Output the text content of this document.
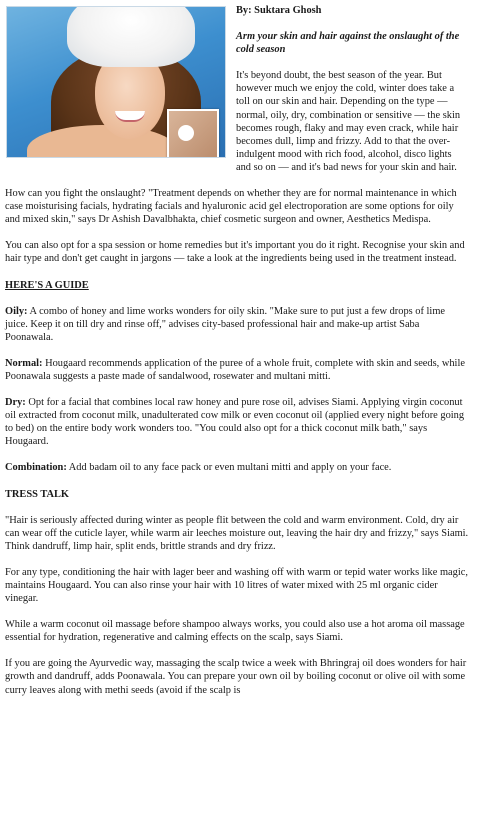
By: Suktara Ghosh
Arm your skin and hair against the onslaught of the cold season

It's beyond doubt, the best season of the year. But however much we enjoy the cold, winter does take a toll on our skin and hair. Depending on the type — normal, oily, dry, combination or sensitive — the skin becomes rough, flaky and may even crack, while hair becomes dull, limp and frizzy. Add to that the over-indulgent mood with rich food, alcohol, disco lights and so on — and it's bad news for your skin and hair.

How can you fight the onslaught? "Treatment depends on whether they are for normal maintenance in which case moisturising facials, hydrating facials and hyaluronic acid gel electroporation are some options for oily and mixed skin," says Dr Ashish Davalbhakta, chief cosmetic surgeon and owner, Aesthetics Medispa.

You can also opt for a spa session or home remedies but it's important you do it right. Recognise your skin and hair type and don't get caught in jargons — take a look at the ingredients being used in the treatment instead.

HERE'S A GUIDE

Oily: A combo of honey and lime works wonders for oily skin. "Make sure to put just a few drops of lime juice. Keep it on till dry and rinse off," advises city-based professional hair and make-up artist Saba Poonawala.

Normal: Hougaard recommends application of the puree of a whole fruit, complete with skin and seeds, while Poonawala suggests a paste made of sandalwood, rosewater and multani mitti.

Dry: Opt for a facial that combines local raw honey and pure rose oil, advises Siami. Applying virgin coconut oil extracted from coconut milk, unadulterated cow milk or even coconut oil (applied every night before going to bed) on the entire body work wonders too. "You could also opt for a thick coconut milk bath," says Hougaard.

Combination: Add badam oil to any face pack or even multani mitti and apply on your face.

TRESS TALK

"Hair is seriously affected during winter as people flit between the cold and warm environment. Cold, dry air can wear off the cuticle layer, while warm air leeches moisture out, leaving the hair dry and frizzy," says Siami. Think dandruff, limp hair, split ends, brittle strands and dry frizz.

For any type, conditioning the hair with lager beer and washing off with warm or tepid water works like magic, maintains Hougaard. You can also rinse your hair with 10 litres of water mixed with 25 ml organic cider vinegar.

While a warm coconut oil massage before shampoo always works, you could also use a hot aroma oil massage essential for hydration, regenerative and calming effects on the scalp, says Siami.

If you are going the Ayurvedic way, massaging the scalp twice a week with Bhringraj oil does wonders for hair growth and dandruff, adds Poonawala. You can prepare your own oil by boiling coconut or olive oil with some curry leaves along with methi seeds (avoid if the scalp is
